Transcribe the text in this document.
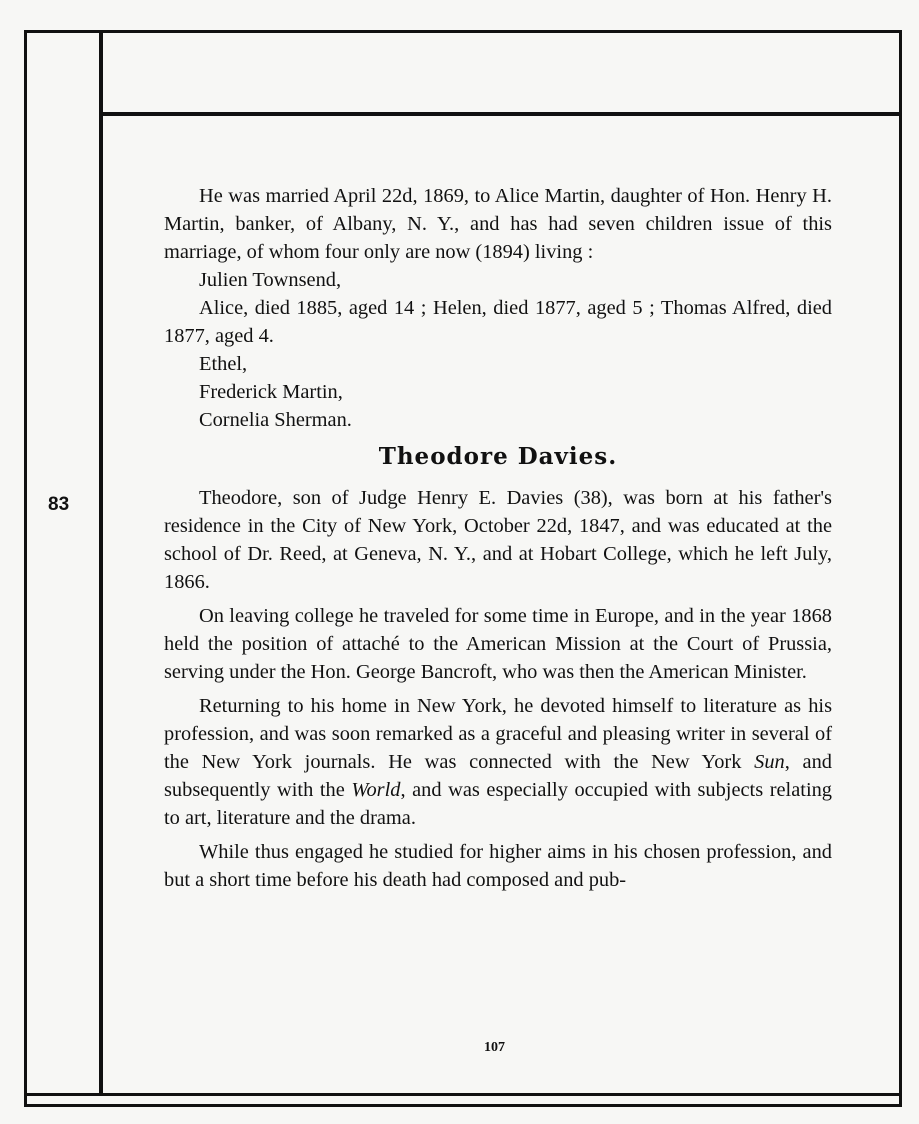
83

He was married April 22d, 1869, to Alice Martin, daughter of Hon. Henry H. Martin, banker, of Albany, N. Y., and has had seven children issue of this marriage, of whom four only are now (1894) living :

Julien Townsend,

Alice, died 1885, aged 14 ; Helen, died 1877, aged 5 ; Thomas Alfred, died 1877, aged 4.

Ethel,

Frederick Martin,

Cornelia Sherman.

Theodore Davies.

Theodore, son of Judge Henry E. Davies (38), was born at his father's residence in the City of New York, October 22d, 1847, and was educated at the school of Dr. Reed, at Geneva, N. Y., and at Hobart College, which he left July, 1866.

On leaving college he traveled for some time in Europe, and in the year 1868 held the position of attaché to the American Mission at the Court of Prussia, serving under the Hon. George Bancroft, who was then the American Minister.

Returning to his home in New York, he devoted himself to literature as his profession, and was soon remarked as a graceful and pleasing writer in several of the New York journals. He was connected with the New York Sun, and subsequently with the World, and was especially occupied with subjects relating to art, literature and the drama.

While thus engaged he studied for higher aims in his chosen profession, and but a short time before his death had composed and pub-

107
